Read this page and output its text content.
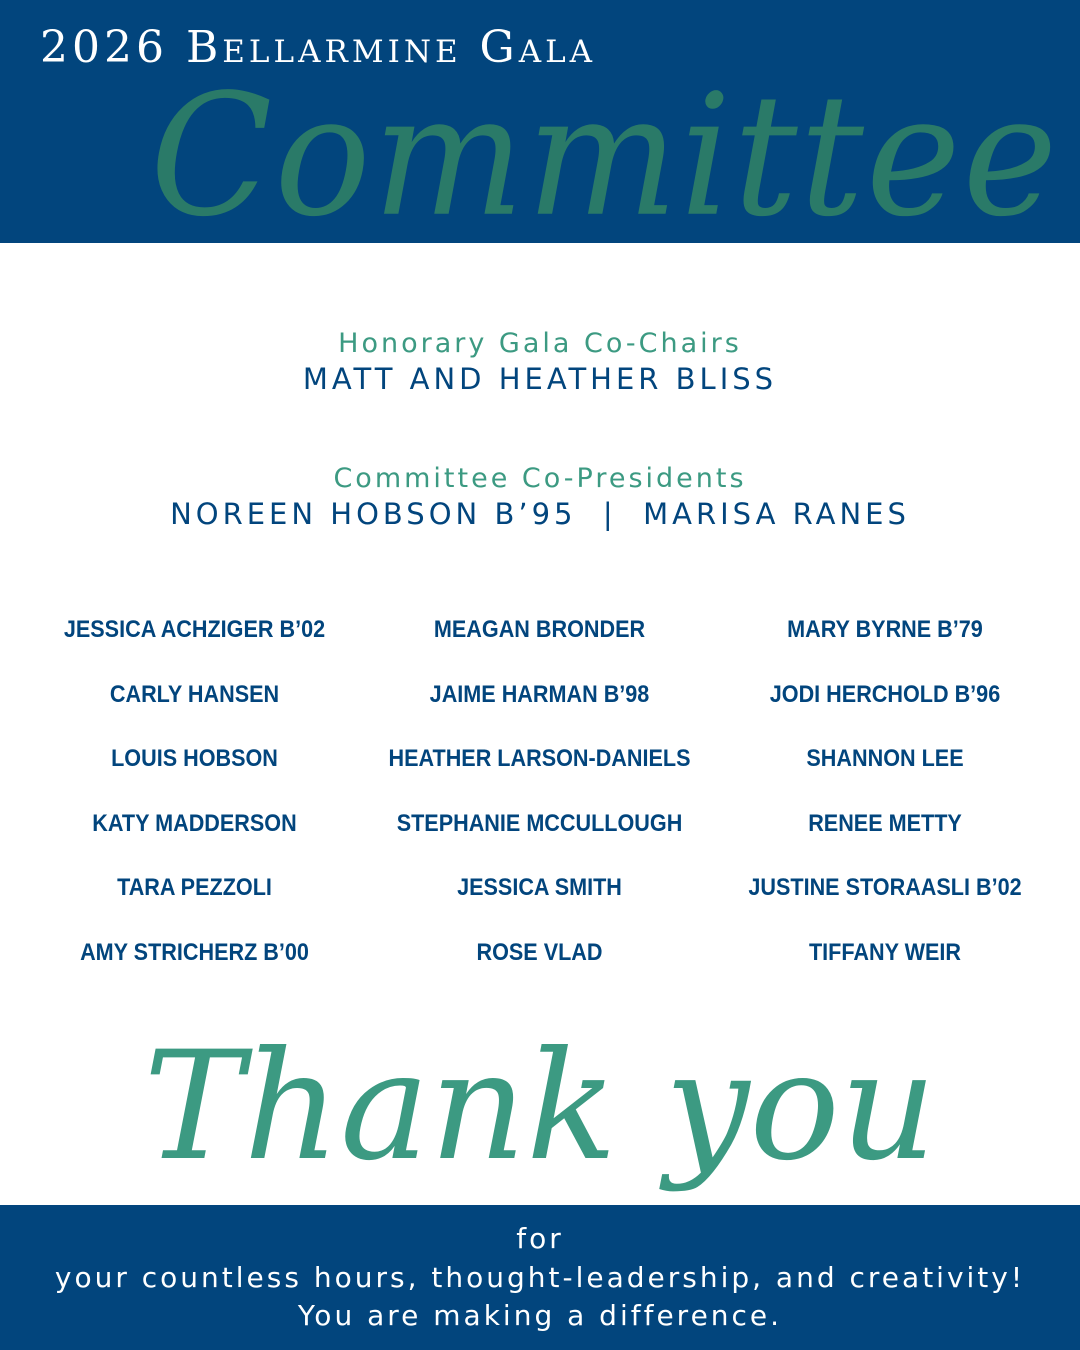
2026 Bellarmine Gala
Committee
Honorary Gala Co-Chairs
MATT AND HEATHER BLISS
Committee Co-Presidents
NOREEN HOBSON B’95  |  MARISA RANES
JESSICA ACHZIGER B’02	MEAGAN BRONDER	MARY BYRNE B’79
CARLY HANSEN	JAIME HARMAN B’98	JODI HERCHOLD B’96
LOUIS HOBSON	HEATHER LARSON-DANIELS	SHANNON LEE
KATY MADDERSON	STEPHANIE MCCULLOUGH	RENEE METTY
TARA PEZZOLI	JESSICA SMITH	JUSTINE STORAASLI B’02
AMY STRICHERZ B’00	ROSE VLAD	TIFFANY WEIR
Thank you
for
your countless hours, thought-leadership, and creativity!
You are making a difference.
